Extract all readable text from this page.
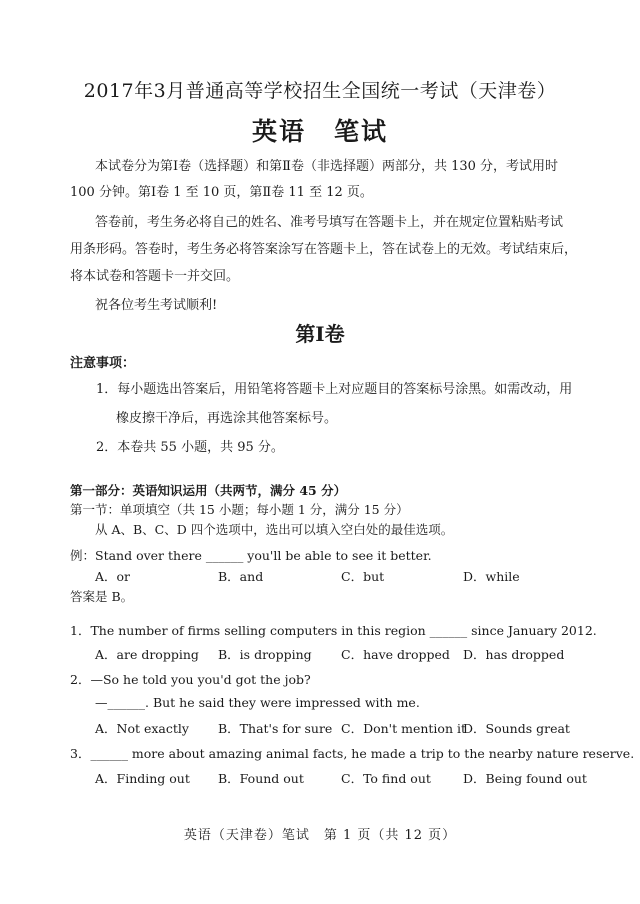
2017年3月普通高等学校招生全国统一考试（天津卷）
英语 笔试
本试卷分为第Ⅰ卷（选择题）和第Ⅱ卷（非选择题）两部分，共 130 分，考试用时
100 分钟。第Ⅰ卷 1 至 10 页，第Ⅱ卷 11 至 12 页。
答卷前，考生务必将自己的姓名、准考号填写在答题卡上，并在规定位置粘贴考试
用条形码。答卷时，考生务必将答案涂写在答题卡上，答在试卷上的无效。考试结束后，
将本试卷和答题卡一并交回。
祝各位考生考试顺利!
第Ⅰ卷
注意事项：
1．每小题选出答案后，用铅笔将答题卡上对应题目的答案标号涂黑。如需改动，用
橡皮擦干净后，再选涂其他答案标号。
2．本卷共 55 小题，共 95 分。
第一部分：英语知识运用（共两节，满分 45 分）
第一节：单项填空（共 15 小题；每小题 1 分，满分 15 分）
从 A、B、C、D 四个选项中，选出可以填入空白处的最佳选项。
例：Stand over there ______ you'll be able to see it better.
A．or	B．and	C．but	D．while
答案是 B。
1．The number of firms selling computers in this region ______ since January 2012.
A．are dropping B．is dropping C．have dropped D．has dropped
2．—So he told you you'd got the job?
—______. But he said they were impressed with me.
A．Not exactly B．That's for sure C．Don't mention it
D．Sounds great
3．______ more about amazing animal facts, he made a trip to the nearby nature reserve.
A．Finding out B．Found out	C．To find out	D．Being found out
英语（天津卷）笔试　第 1 页（共 12 页）
